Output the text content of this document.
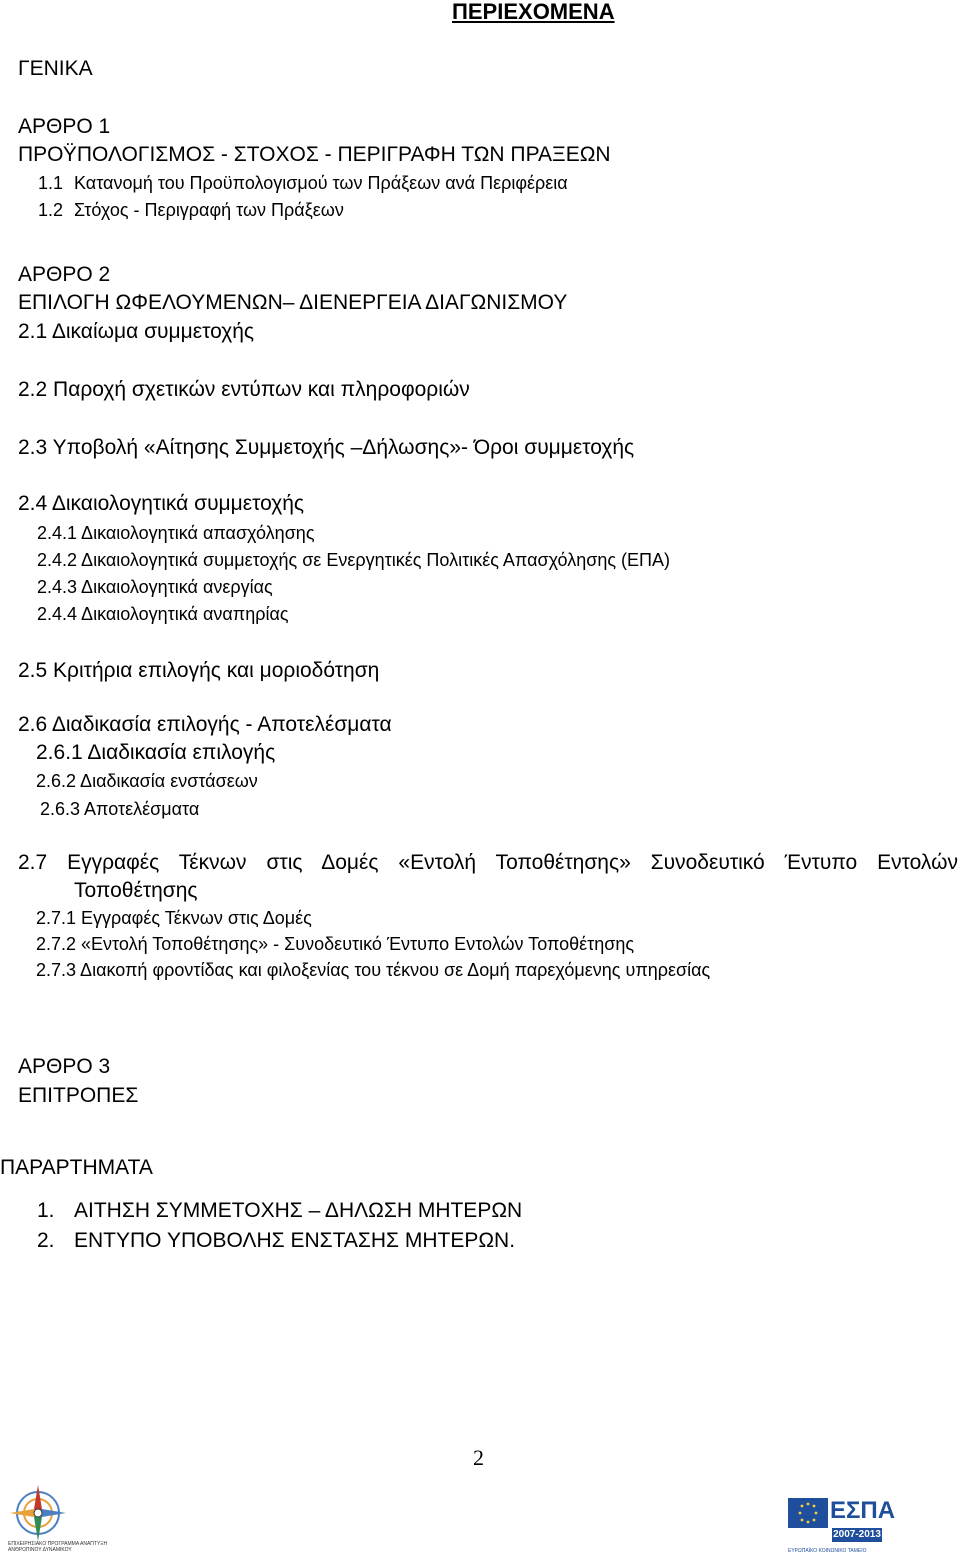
ΠΕΡΙΕΧΟΜΕΝΑ
ΓΕΝΙΚΑ
ΑΡΘΡΟ 1
ΠΡΟΫΠΟΛΟΓΙΣΜΟΣ - ΣΤΟΧΟΣ - ΠΕΡΙΓΡΑΦΗ ΤΩΝ ΠΡΑΞΕΩΝ
1.1 Κατανομή του Προϋπολογισμού των Πράξεων ανά Περιφέρεια
1.2 Στόχος - Περιγραφή των Πράξεων
ΑΡΘΡΟ 2
ΕΠΙΛΟΓΗ ΩΦΕΛΟΥΜΕΝΩΝ– ΔΙΕΝΕΡΓΕΙΑ ΔΙΑΓΩΝΙΣΜΟΥ
2.1 Δικαίωμα συμμετοχής
2.2 Παροχή σχετικών εντύπων και πληροφοριών
2.3 Υποβολή «Αίτησης Συμμετοχής –Δήλωσης»- Όροι συμμετοχής
2.4 Δικαιολογητικά συμμετοχής
2.4.1 Δικαιολογητικά απασχόλησης
2.4.2 Δικαιολογητικά συμμετοχής σε Ενεργητικές Πολιτικές Απασχόλησης (ΕΠΑ)
2.4.3 Δικαιολογητικά ανεργίας
2.4.4 Δικαιολογητικά αναπηρίας
2.5 Κριτήρια επιλογής και μοριοδότηση
2.6 Διαδικασία επιλογής - Αποτελέσματα
2.6.1 Διαδικασία επιλογής
2.6.2 Διαδικασία ενστάσεων
2.6.3 Αποτελέσματα
2.7 Εγγραφές Τέκνων στις Δομές «Εντολή Τοποθέτησης» Συνοδευτικό Έντυπο Εντολών
Τοποθέτησης
2.7.1 Εγγραφές Τέκνων στις Δομές
2.7.2 «Εντολή Τοποθέτησης» - Συνοδευτικό Έντυπο Εντολών Τοποθέτησης
2.7.3 Διακοπή φροντίδας και φιλοξενίας του τέκνου σε Δομή παρεχόμενης υπηρεσίας
ΑΡΘΡΟ 3
ΕΠΙΤΡΟΠΕΣ
ΠΑΡΑΡΤΗΜΑΤΑ
1. ΑΙΤΗΣΗ ΣΥΜΜΕΤΟΧΗΣ – ΔΗΛΩΣΗ ΜΗΤΕΡΩΝ
2. ΕΝΤΥΠΟ ΥΠΟΒΟΛΗΣ ΕΝΣΤΑΣΗΣ ΜΗΤΕΡΩΝ.
2
ΕΠΙΧΕΙΡΗΣΙΑΚΟ ΠΡΟΓΡΑΜΜΑ ΑΝΑΠΤΥΞΗ ΑΝΘΡΩΠΙΝΟΥ ΔΥΝΑΜΙΚΟΥ
ΕΣΠΑ
2007-2013
ΕΥΡΩΠΑΪΚΟ ΚΟΙΝΩΝΙΚΟ ΤΑΜΕΙΟ
